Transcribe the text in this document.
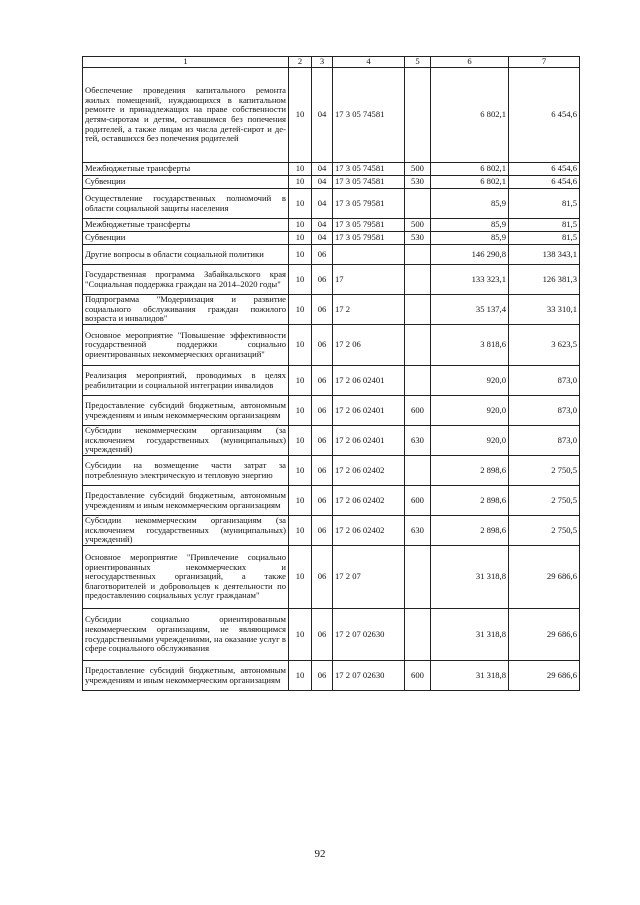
1	2	3	4	5	6	7
Обеспечение проведения капитального ремонта жилых помещений, нуждающихся в капитальном ремонте и принадлежащих на праве собственности детям-сиротам и детям, оставшимся без попечения родителей, а также лицам из числа детей-сирот и детей, оставшихся без попечения родителей	10	04	17 3 05 74581		6 802,1	6 454,6
Межбюджетные трансферты	10	04	17 3 05 74581	500	6 802,1	6 454,6
Субвенции	10	04	17 3 05 74581	530	6 802,1	6 454,6
Осуществление государственных полномочий в области социальной защиты населения	10	04	17 3 05 79581		85,9	81,5
Межбюджетные трансферты	10	04	17 3 05 79581	500	85,9	81,5
Субвенции	10	04	17 3 05 79581	530	85,9	81,5
Другие вопросы в области социальной политики	10	06			146 290,8	138 343,1
Государственная программа Забайкальского края "Социальная поддержка граждан на 2014–2020 годы"	10	06	17		133 323,1	126 381,3
Подпрограмма "Модернизация и развитие социального обслуживания граждан пожилого возраста и инвалидов"	10	06	17 2		35 137,4	33 310,1
Основное мероприятие "Повышение эффективности государственной поддержки социально ориентированных некоммерческих организаций"	10	06	17 2 06		3 818,6	3 623,5
Реализация мероприятий, проводимых в целях реабилитации и социальной интеграции инвалидов	10	06	17 2 06 02401		920,0	873,0
Предоставление субсидий бюджетным, автономным учреждениям и иным некоммерческим организациям	10	06	17 2 06 02401	600	920,0	873,0
Субсидии некоммерческим организациям (за исключением государственных (муниципальных) учреждений)	10	06	17 2 06 02401	630	920,0	873,0
Субсидии на возмещение части затрат за потребленную электрическую и тепловую энергию	10	06	17 2 06 02402		2 898,6	2 750,5
Предоставление субсидий бюджетным, автономным учреждениям и иным некоммерческим организациям	10	06	17 2 06 02402	600	2 898,6	2 750,5
Субсидии некоммерческим организациям (за исключением государственных (муниципальных) учреждений)	10	06	17 2 06 02402	630	2 898,6	2 750,5
Основное мероприятие "Привлечение социально ориентированных некоммерческих и негосударственных организаций, а также благотворителей и добровольцев к деятельности по предоставлению социальных услуг гражданам"	10	06	17 2 07		31 318,8	29 686,6
Субсидии социально ориентированным некоммерческим организациям, не являющимся государственными учреждениями, на оказание услуг в сфере социального обслуживания	10	06	17 2 07 02630		31 318,8	29 686,6
Предоставление субсидий бюджетным, автономным учреждениям и иным некоммерческим организациям	10	06	17 2 07 02630	600	31 318,8	29 686,6
92
